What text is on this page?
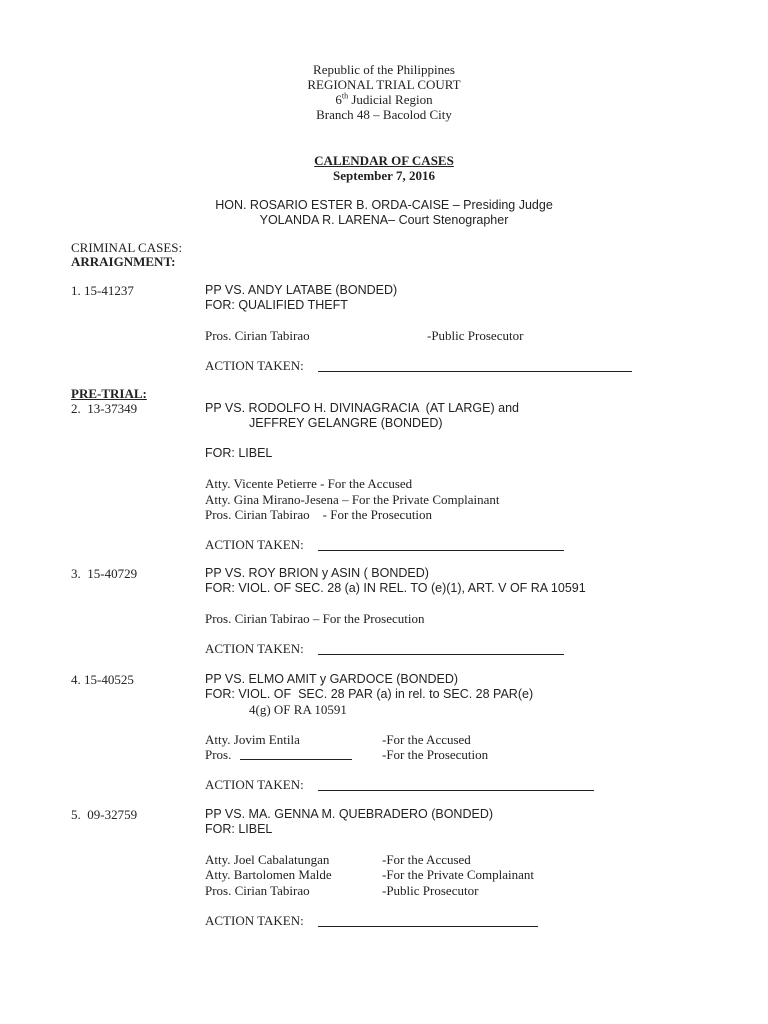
Republic of the Philippines
REGIONAL TRIAL COURT
6th Judicial Region
Branch 48 – Bacolod City
CALENDAR OF CASES
September 7, 2016
HON. ROSARIO ESTER B. ORDA-CAISE – Presiding Judge
YOLANDA R. LARENA– Court Stenographer
CRIMINAL CASES:
ARRAIGNMENT:
1. 15-41237	PP VS. ANDY LATABE (BONDED)
FOR: QUALIFIED THEFT
Pros. Cirian Tabirao	-Public Prosecutor
ACTION TAKEN:
PRE-TRIAL:
2.  13-37349	PP VS. RODOLFO H. DIVINAGRACIA  (AT LARGE) and
JEFFREY GELANGRE (BONDED)
FOR: LIBEL
Atty. Vicente Petierre - For the Accused
Atty. Gina Mirano-Jesena – For the Private Complainant
Pros. Cirian Tabirao    - For the Prosecution
ACTION TAKEN:
3.  15-40729	PP VS. ROY BRION y ASIN ( BONDED)
FOR: VIOL. OF SEC. 28 (a) IN REL. TO (e)(1), ART. V OF RA 10591
Pros. Cirian Tabirao – For the Prosecution
ACTION TAKEN:
4. 15-40525	PP VS. ELMO AMIT y GARDOCE (BONDED)
FOR: VIOL. OF  SEC. 28 PAR (a) in rel. to SEC. 28 PAR(e)
4(g) OF RA 10591
Atty. Jovim Entila	-For the Accused
Pros.	-For the Prosecution
ACTION TAKEN:
5.  09-32759	PP VS. MA. GENNA M. QUEBRADERO (BONDED)
FOR: LIBEL
Atty. Joel Cabalatungan	-For the Accused
Atty. Bartolomen Malde	-For the Private Complainant
Pros. Cirian Tabirao	-Public Prosecutor
ACTION TAKEN:
